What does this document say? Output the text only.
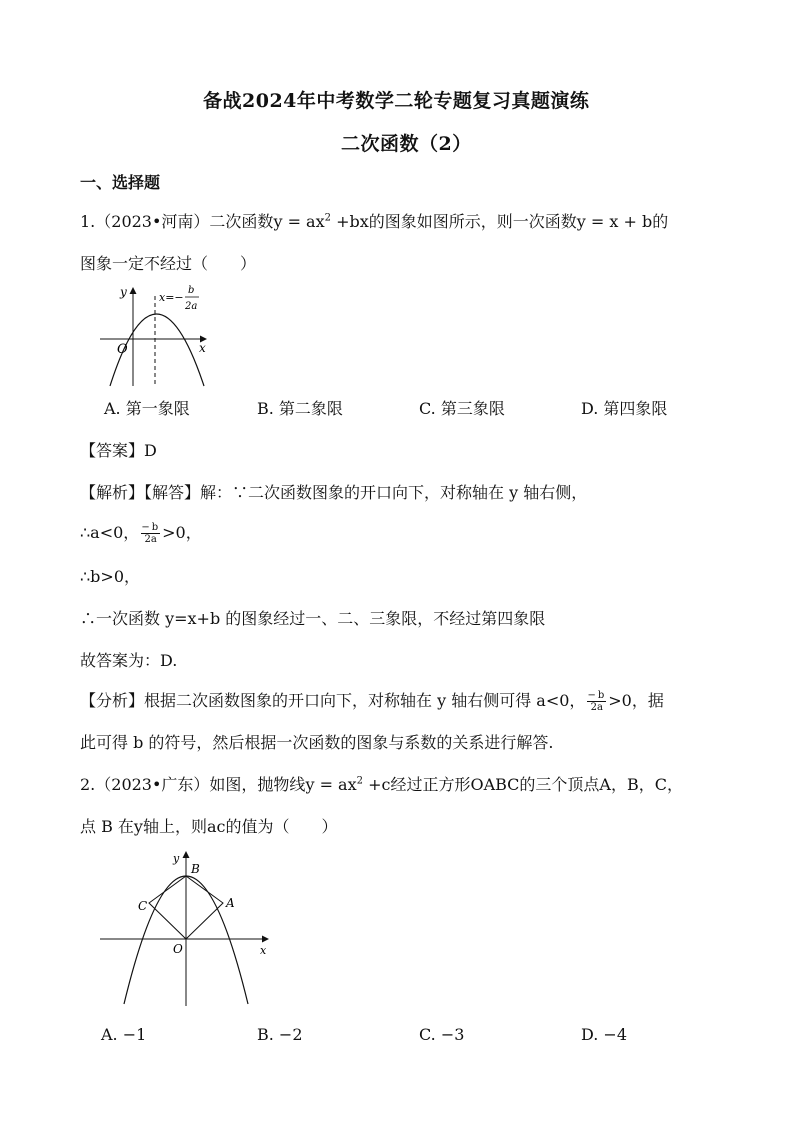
备战2024年中考数学二轮专题复习真题演练
二次函数（2）
一、选择题
1.（2023•河南）二次函数$y = ax^2 +bx$的图象如图所示，则一次函数y = x + b的
图象一定不经过（　　）
y
x
O
x=−
b
2a
A. 第一象限	B. 第二象限	C. 第三象限	D. 第四象限
【答案】D
【解析】【解答】解：∵二次函数图象的开口向下，对称轴在 y 轴右侧，
∴a<0， − b
2a >0，
∴b>0，
∴一次函数 y=x+b 的图象经过一、二、三象限，不经过第四象限
故答案为：D.
【分析】根据二次函数图象的开口向下，对称轴在 y 轴右侧可得 a<0， − b
2a >0，据
此可得 b 的符号，然后根据一次函数的图象与系数的关系进行解答.
2.（2023•广东）如图，抛物线$y = ax^2 +c$经过正方形OABC的三个顶点A，B，C，
点 B 在y轴上，则ac的值为（　　）
y
x
O
B
A
C
A. −1	B. −2	C. −3	D. −4
